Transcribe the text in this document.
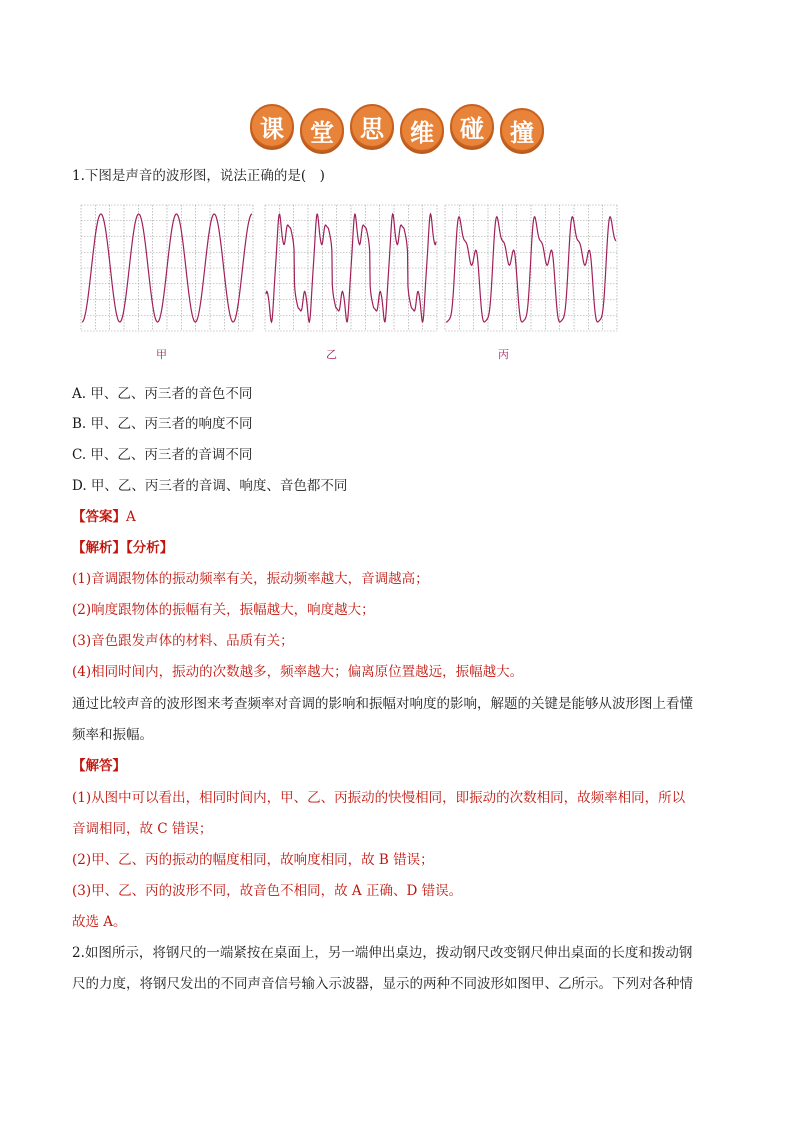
课	堂	思	维	碰	撞
1.下图是声音的波形图，说法正确的是(　)
甲	乙	丙
A. 甲、乙、丙三者的音色不同
B. 甲、乙、丙三者的响度不同
C. 甲、乙、丙三者的音调不同
D. 甲、乙、丙三者的音调、响度、音色都不同
【答案】A
【解析】【分析】
(1)音调跟物体的振动频率有关，振动频率越大，音调越高；
(2)响度跟物体的振幅有关，振幅越大，响度越大；
(3)音色跟发声体的材料、品质有关；
(4)相同时间内，振动的次数越多，频率越大；偏离原位置越远，振幅越大。
通过比较声音的波形图来考查频率对音调的影响和振幅对响度的影响，解题的关键是能够从波形图上看懂
频率和振幅。
【解答】
(1)从图中可以看出，相同时间内，甲、乙、丙振动的快慢相同，即振动的次数相同，故频率相同，所以
音调相同，故 C 错误；
(2)甲、乙、丙的振动的幅度相同，故响度相同，故 B 错误；
(3)甲、乙、丙的波形不同，故音色不相同，故 A 正确、D 错误。
故选 A。
2.如图所示，将钢尺的一端紧按在桌面上，另一端伸出桌边，拨动钢尺改变钢尺伸出桌面的长度和拨动钢
尺的力度，将钢尺发出的不同声音信号输入示波器，显示的两种不同波形如图甲、乙所示。下列对各种情
